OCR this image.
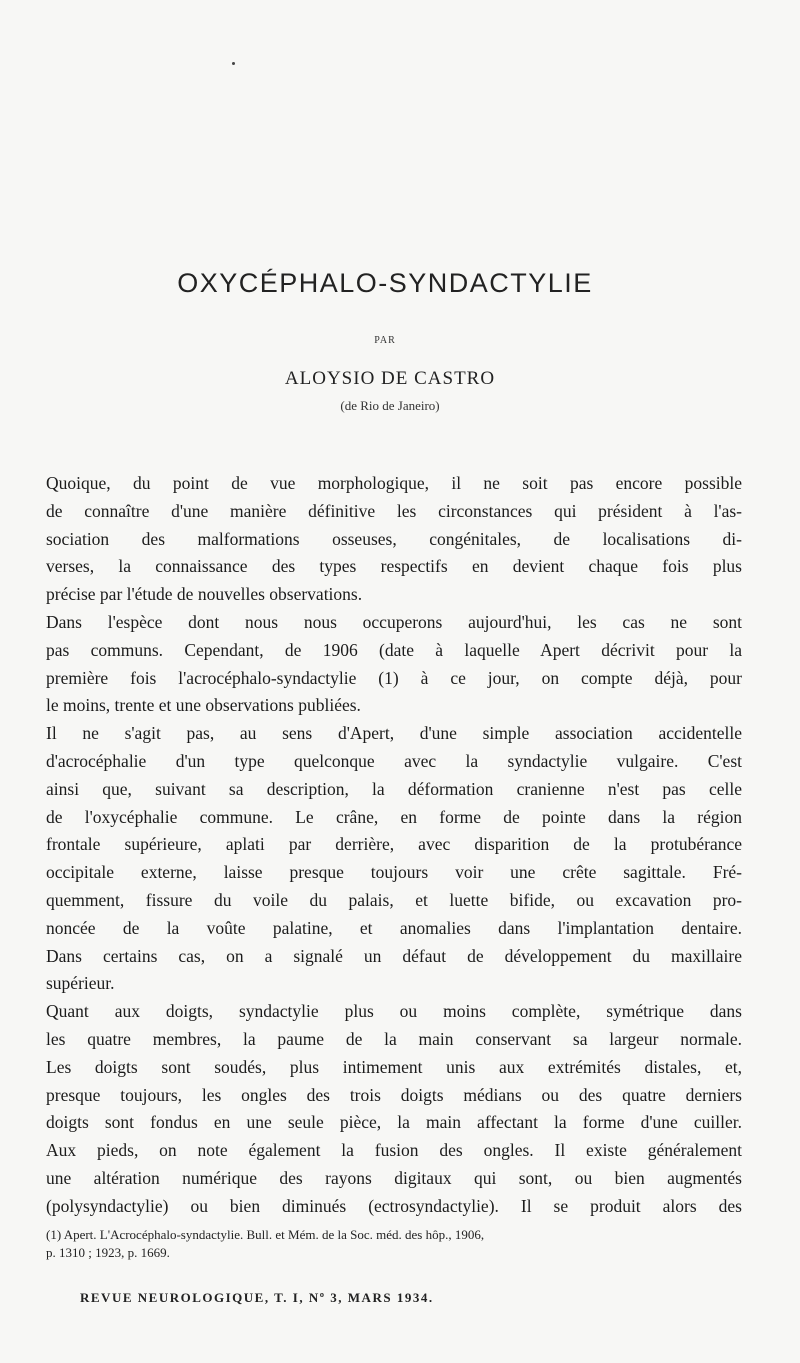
OXYCÉPHALO-SYNDACTYLIE
PAR
ALOYSIO DE CASTRO
(de Rio de Janeiro)
Quoique, du point de vue morphologique, il ne soit pas encore possible
de connaître d'une manière définitive les circonstances qui président à l'as-
sociation des malformations osseuses, congénitales, de localisations di-
verses, la connaissance des types respectifs en devient chaque fois plus
précise par l'étude de nouvelles observations.
Dans l'espèce dont nous nous occuperons aujourd'hui, les cas ne sont
pas communs. Cependant, de 1906 (date à laquelle Apert décrivit pour la
première fois l'acrocéphalo-syndactylie (1) à ce jour, on compte déjà, pour
le moins, trente et une observations publiées.
Il ne s'agit pas, au sens d'Apert, d'une simple association accidentelle
d'acrocéphalie d'un type quelconque avec la syndactylie vulgaire. C'est
ainsi que, suivant sa description, la déformation cranienne n'est pas celle
de l'oxycéphalie commune. Le crâne, en forme de pointe dans la région
frontale supérieure, aplati par derrière, avec disparition de la protubérance
occipitale externe, laisse presque toujours voir une crête sagittale. Fré-
quemment, fissure du voile du palais, et luette bifide, ou excavation pro-
noncée de la voûte palatine, et anomalies dans l'implantation dentaire.
Dans certains cas, on a signalé un défaut de développement du maxillaire
supérieur.
Quant aux doigts, syndactylie plus ou moins complète, symétrique dans
les quatre membres, la paume de la main conservant sa largeur normale.
Les doigts sont soudés, plus intimement unis aux extrémités distales, et,
presque toujours, les ongles des trois doigts médians ou des quatre derniers
doigts sont fondus en une seule pièce, la main affectant la forme d'une cuiller.
Aux pieds, on note également la fusion des ongles. Il existe généralement
une altération numérique des rayons digitaux qui sont, ou bien augmentés
(polysyndactylie) ou bien diminués (ectrosyndactylie). Il se produit alors des
(1) Apert. L'Acrocéphalo-syndactylie. Bull. et Mém. de la Soc. méd. des hôp., 1906,
p. 1310 ; 1923, p. 1669.
REVUE NEUROLOGIQUE, T. I, Nº 3, MARS 1934.
